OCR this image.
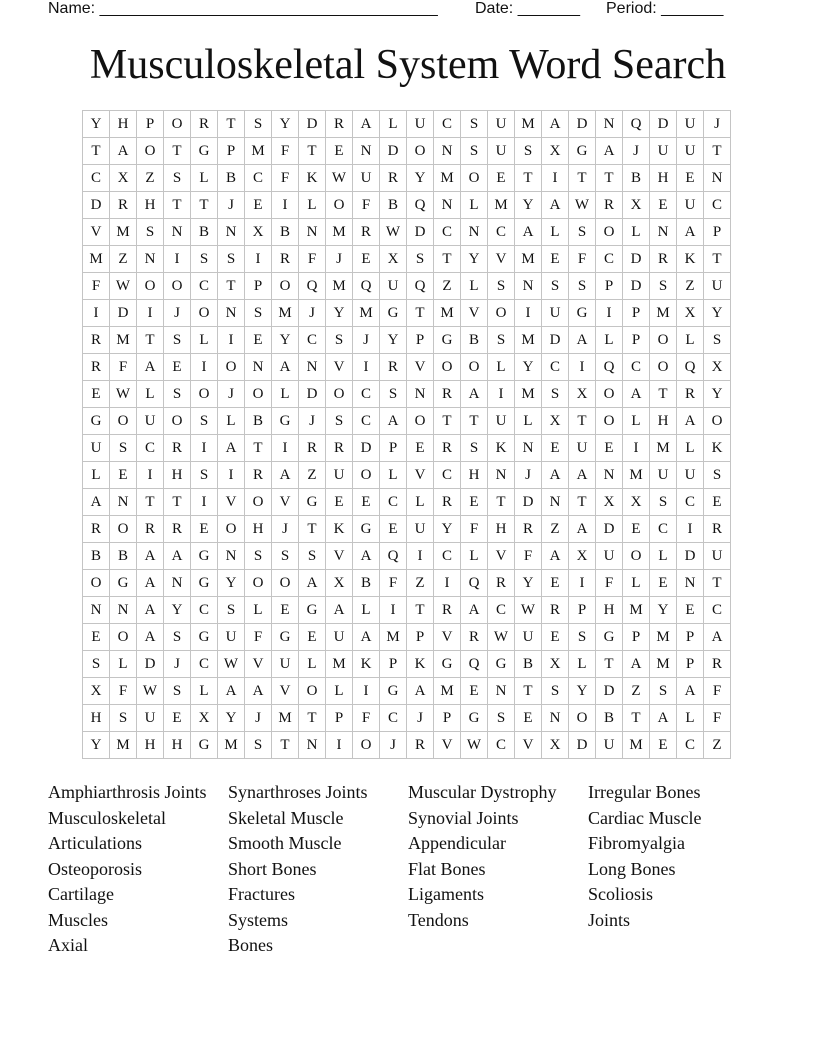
Name: ______________________________________ Date: _______ Period: _______
Musculoskeletal System Word Search
Y	H	P	O	R	T	S	Y	D	R	A	L	U	C	S	U M A	D	N	Q	D	U	J
T	A	O	T	G	P	M	F	T	E	N	D	O	N	S	U	S	X	G	A	J	U	U	T
C	X	Z	S	L	B	C	F	K W U	R	Y M O	E	T	I	T	T	B	H	E	N
D	R	H	T	T	J	E	I	L	O	F	B	Q	N	L	M Y	A W R	X	E	U	C
V M	S	N	B	N	X	B	N M	R W D	C	N	C	A	L	S	O	L	N	A	P
M	Z	N	I	S	S	I	R	F	J	E	X	S	T	Y	V M	E	F	C	D	R	K	T
F	W O	O	C	T	P	O	Q M Q	U	Q	Z	L	S	N	S	S	P	D	S	Z	U
I	D	I	J	O	N	S	M	J	Y M G	T	M V	O	I	U	G	I	P	M X	Y
R	M	T	S	L	I	E	Y	C	S	J	Y	P	G	B	S	M D	A	L	P	O	L	S
R	F	A	E	I	O	N	A	N	V	I	R	V	O	O	L	Y	C	I	Q	C	O	Q	X
E	W	L	S	O	J	O	L	D	O	C	S	N	R	A	I	M	S	X	O	A	T	R	Y
G	O	U	O	S	L	B	G	J	S	C	A	O	T	T	U	L	X	T	O	L	H	A	O
U	S	C	R	I	A	T	I	R	R	D	P	E	R	S	K	N	E	U	E	I	M	L	K
L	E	I	H	S	I	R	A	Z	U	O	L	V	C	H	N	J	A	A	N M U	U	S
A	N	T	T	I	V	O	V	G	E	E	C	L	R	E	T	D	N	T	X	X	S	C	E
R	O	R	R	E	O	H	J	T	K	G	E	U	Y	F	H	R	Z	A	D	E	C	I	R
B	B	A	A	G	N	S	S	S	V	A	Q	I	C	L	V	F	A	X	U	O	L	D	U
O	G	A	N	G	Y	O	O	A	X	B	F	Z	I	Q	R	Y	E	I	F	L	E	N	T
N	N	A	Y	C	S	L	E	G	A	L	I	T	R	A	C W R	P	H M Y	E	C
E	O	A	S	G	U	F	G	E	U	A M	P	V	R W U	E	S	G	P	M	P	A
S	L	D	J	C W V	U	L	M K	P	K	G	Q	G	B	X	L	T	A M	P	R
X	F	W	S	L	A	A	V	O	L	I	G	A M	E	N	T	S	Y	D	Z	S	A	F
H	S	U	E	X	Y	J	M	T	P	F	C	J	P	G	S	E	N	O	B	T	A	L	F
Y M H	H	G M	S	T	N	I	O	J	R	V W C	V	X	D	U M	E	C	Z
Amphiarthrosis Joints
Musculoskeletal
Articulations
Osteoporosis
Cartilage
Muscles
Axial
Synarthroses Joints
Skeletal Muscle
Smooth Muscle
Short Bones
Fractures
Systems
Bones
Muscular Dystrophy
Synovial Joints
Appendicular
Flat Bones
Ligaments
Tendons
Irregular Bones
Cardiac Muscle
Fibromyalgia
Long Bones
Scoliosis
Joints
